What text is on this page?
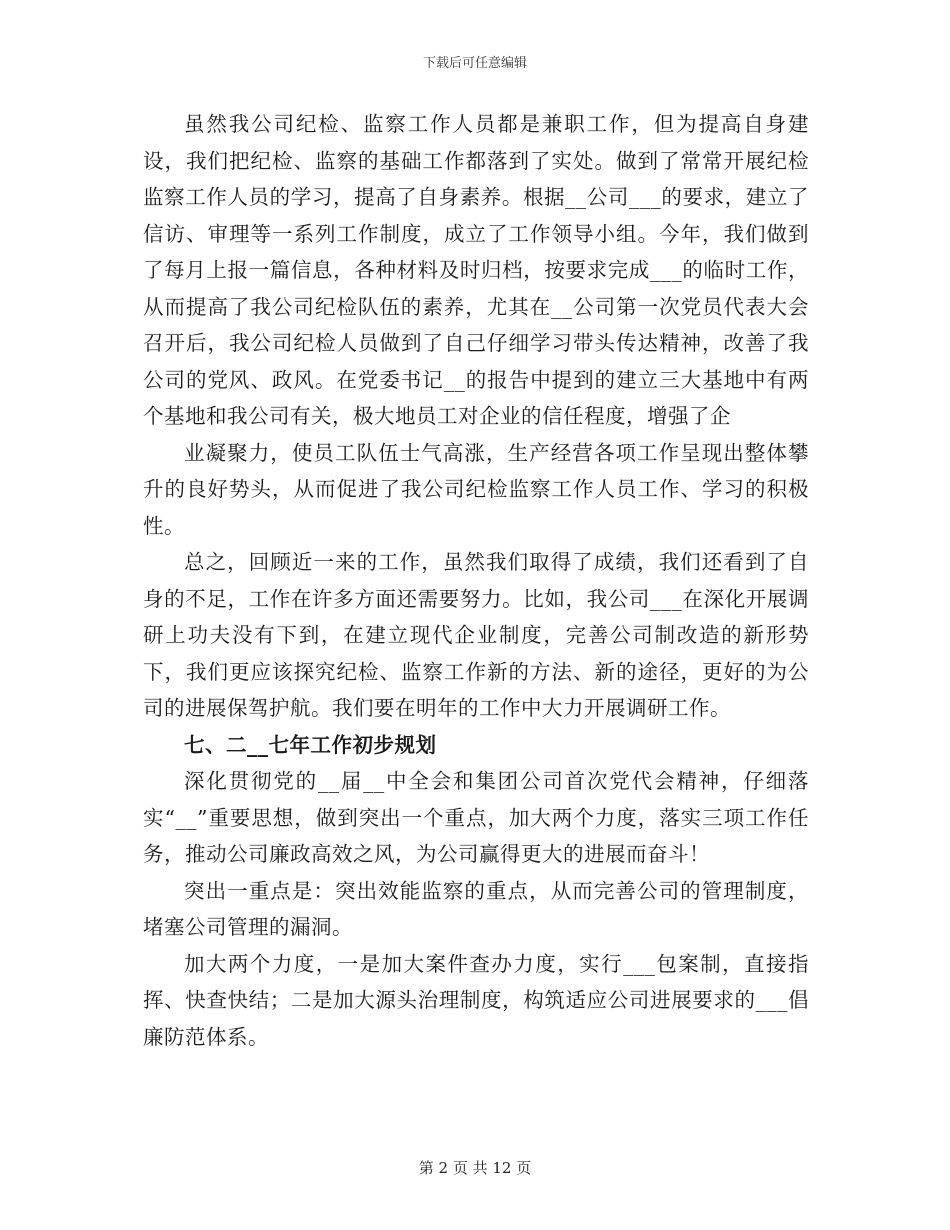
下载后可任意编辑

虽然我公司纪检、监察工作人员都是兼职工作，但为提高自身建设，我们把纪检、监察的基础工作都落到了实处。做到了常常开展纪检监察工作人员的学习，提高了自身素养。根据__公司___的要求，建立了信访、审理等一系列工作制度，成立了工作领导小组。今年，我们做到了每月上报一篇信息，各种材料及时归档，按要求完成___的临时工作，从而提高了我公司纪检队伍的素养，尤其在__公司第一次党员代表大会召开后，我公司纪检人员做到了自己仔细学习带头传达精神，改善了我公司的党风、政风。在党委书记__的报告中提到的建立三大基地中有两个基地和我公司有关，极大地员工对企业的信任程度，增强了企

业凝聚力，使员工队伍士气高涨，生产经营各项工作呈现出整体攀升的良好势头，从而促进了我公司纪检监察工作人员工作、学习的积极性。

总之，回顾近一来的工作，虽然我们取得了成绩，我们还看到了自身的不足，工作在许多方面还需要努力。比如，我公司___在深化开展调研上功夫没有下到，在建立现代企业制度，完善公司制改造的新形势下，我们更应该探究纪检、监察工作新的方法、新的途径，更好的为公司的进展保驾护航。我们要在明年的工作中大力开展调研工作。

七、二__七年工作初步规划

深化贯彻党的__届__中全会和集团公司首次党代会精神，仔细落实“__”重要思想，做到突出一个重点，加大两个力度，落实三项工作任务，推动公司廉政高效之风，为公司赢得更大的进展而奋斗！

突出一重点是：突出效能监察的重点，从而完善公司的管理制度，堵塞公司管理的漏洞。

加大两个力度，一是加大案件查办力度，实行___包案制，直接指挥、快查快结；二是加大源头治理制度，构筑适应公司进展要求的___倡廉防范体系。

第 2 页 共 12 页
